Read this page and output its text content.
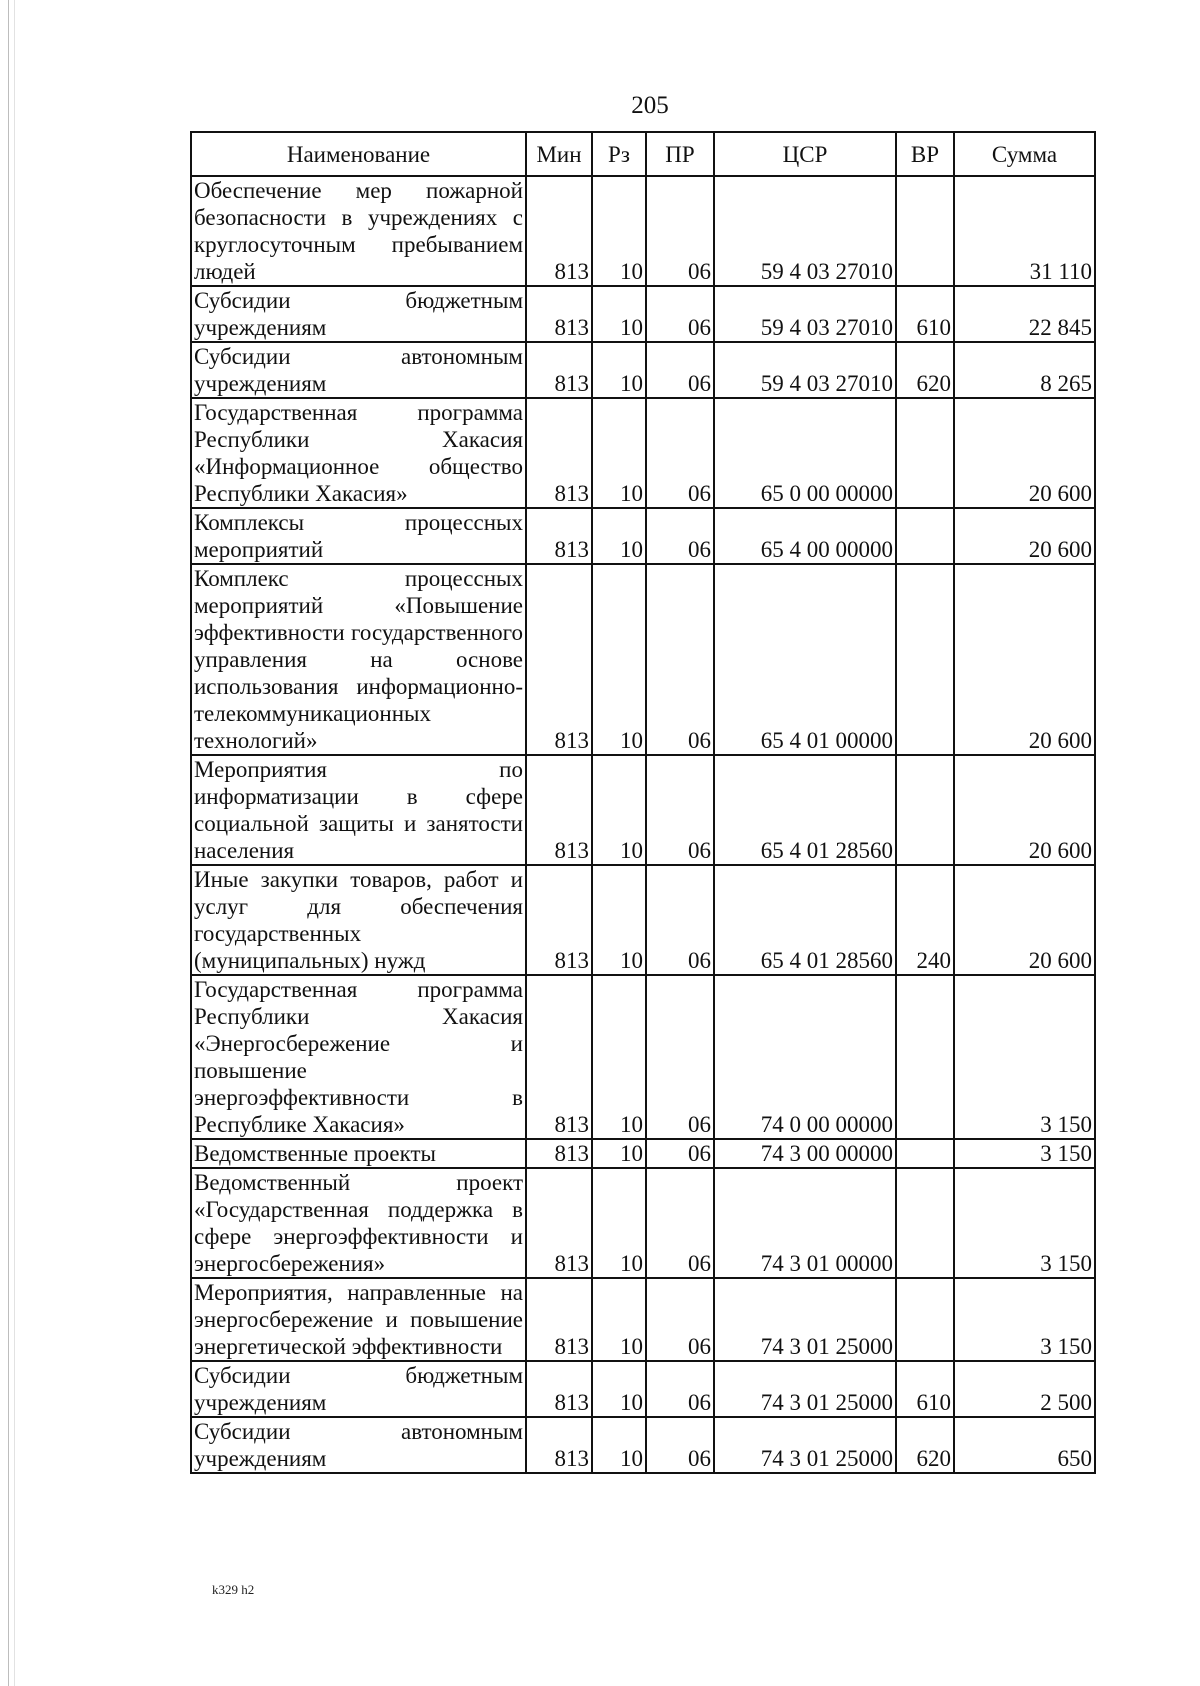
205
Наименование	Мин	Рз	ПР	ЦСР	ВР	Сумма
Обеспечение мер пожарной безопасности в учреждениях с круглосуточным пребыванием людей	813	10	06	59 4 03 27010		31 110
Субсидии бюджетным учреждениям	813	10	06	59 4 03 27010	610	22 845
Субсидии автономным учреждениям	813	10	06	59 4 03 27010	620	8 265
Государственная программа Республики Хакасия «Информационное общество Республики Хакасия»	813	10	06	65 0 00 00000		20 600
Комплексы процессных мероприятий	813	10	06	65 4 00 00000		20 600
Комплекс процессных мероприятий «Повышение эффективности государственного управления на основе использования информационно-телекоммуникационных технологий»	813	10	06	65 4 01 00000		20 600
Мероприятия по информатизации в сфере социальной защиты и занятости населения	813	10	06	65 4 01 28560		20 600
Иные закупки товаров, работ и услуг для обеспечения государственных (муниципальных) нужд	813	10	06	65 4 01 28560	240	20 600
Государственная программа Республики Хакасия «Энергосбережение и повышение энергоэффективности в Республике Хакасия»	813	10	06	74 0 00 00000		3 150
Ведомственные проекты	813	10	06	74 3 00 00000		3 150
Ведомственный проект «Государственная поддержка в сфере энергоэффективности и энергосбережения»	813	10	06	74 3 01 00000		3 150
Мероприятия, направленные на энергосбережение и повышение энергетической эффективности	813	10	06	74 3 01 25000		3 150
Субсидии бюджетным учреждениям	813	10	06	74 3 01 25000	610	2 500
Субсидии автономным учреждениям	813	10	06	74 3 01 25000	620	650
k329 h2
